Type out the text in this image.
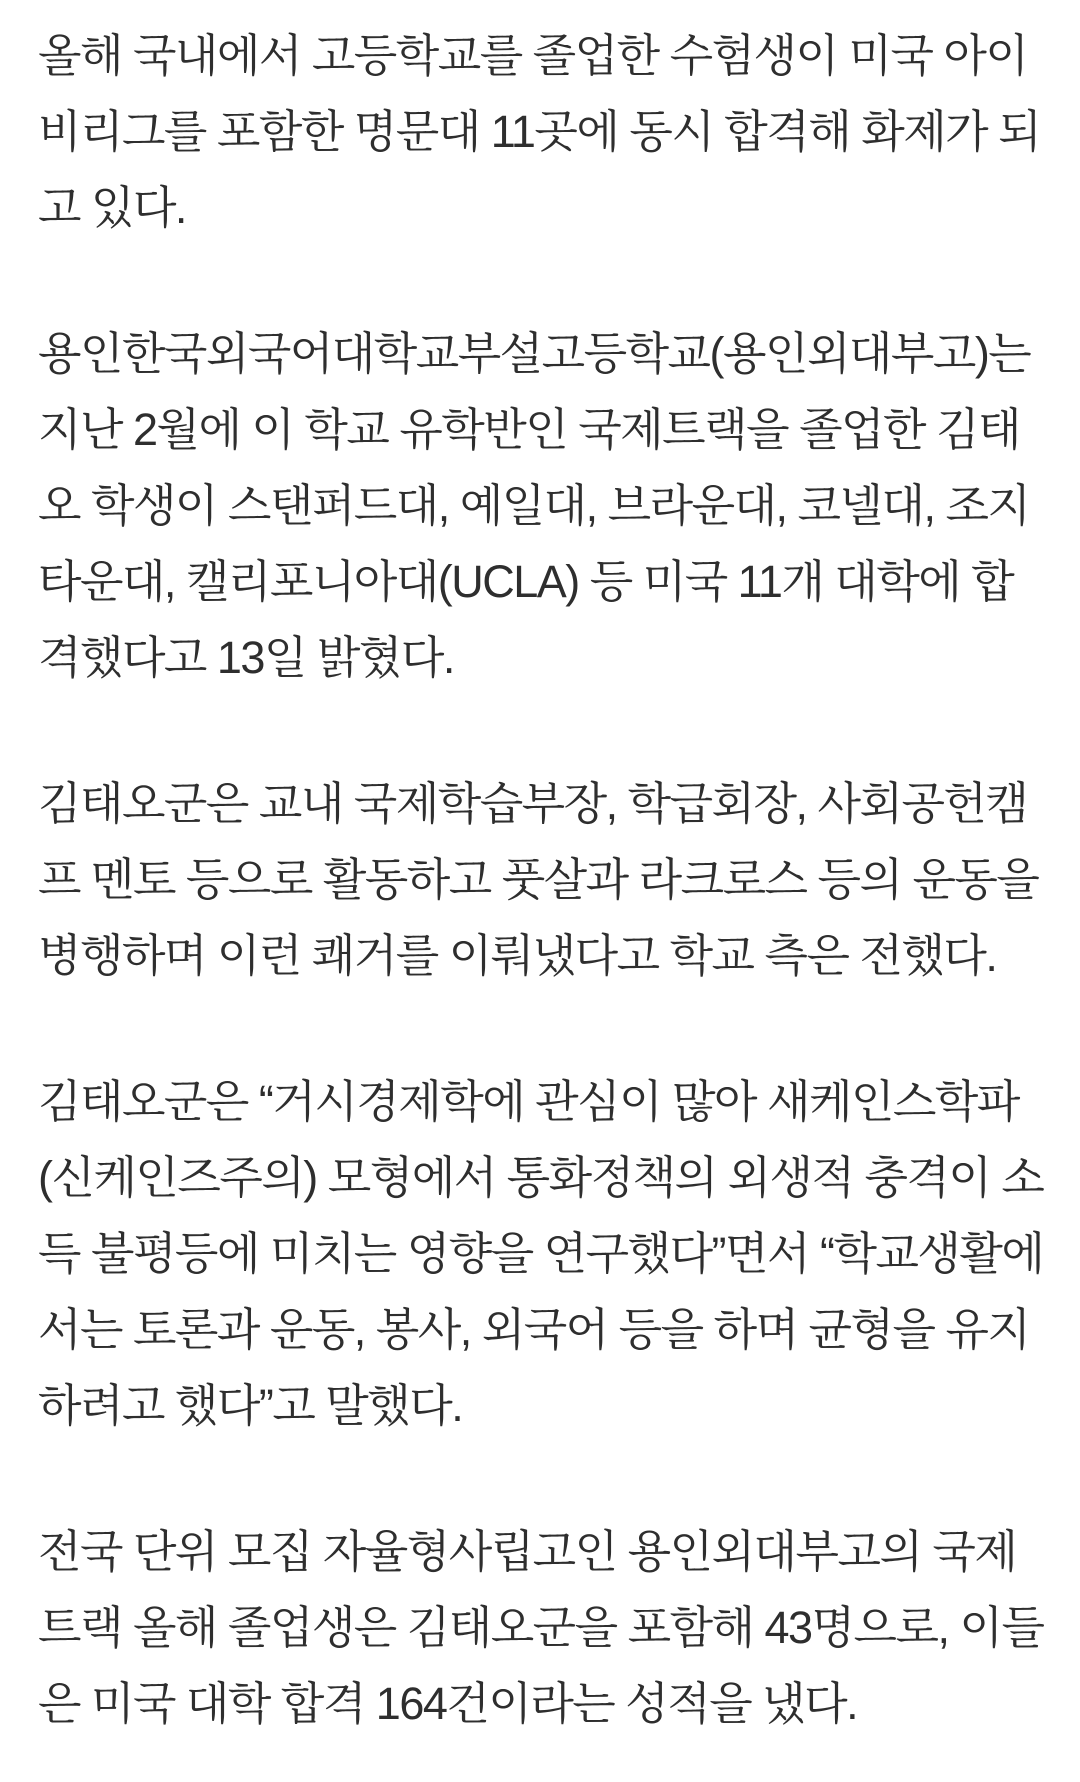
올해 국내에서 고등학교를 졸업한 수험생이 미국 아이비리그를 포함한 명문대 11곳에 동시 합격해 화제가 되고 있다.

용인한국외국어대학교부설고등학교(용인외대부고)는 지난 2월에 이 학교 유학반인 국제트랙을 졸업한 김태오 학생이 스탠퍼드대, 예일대, 브라운대, 코넬대, 조지타운대, 캘리포니아대(UCLA) 등 미국 11개 대학에 합격했다고 13일 밝혔다.

김태오군은 교내 국제학습부장, 학급회장, 사회공헌캠프 멘토 등으로 활동하고 풋살과 라크로스 등의 운동을 병행하며 이런 쾌거를 이뤄냈다고 학교 측은 전했다.

김태오군은 “거시경제학에 관심이 많아 새케인스학파(신케인즈주의) 모형에서 통화정책의 외생적 충격이 소득 불평등에 미치는 영향을 연구했다”면서 “학교생활에서는 토론과 운동, 봉사, 외국어 등을 하며 균형을 유지하려고 했다”고 말했다.

전국 단위 모집 자율형사립고인 용인외대부고의 국제트랙 올해 졸업생은 김태오군을 포함해 43명으로, 이들은 미국 대학 합격 164건이라는 성적을 냈다.
